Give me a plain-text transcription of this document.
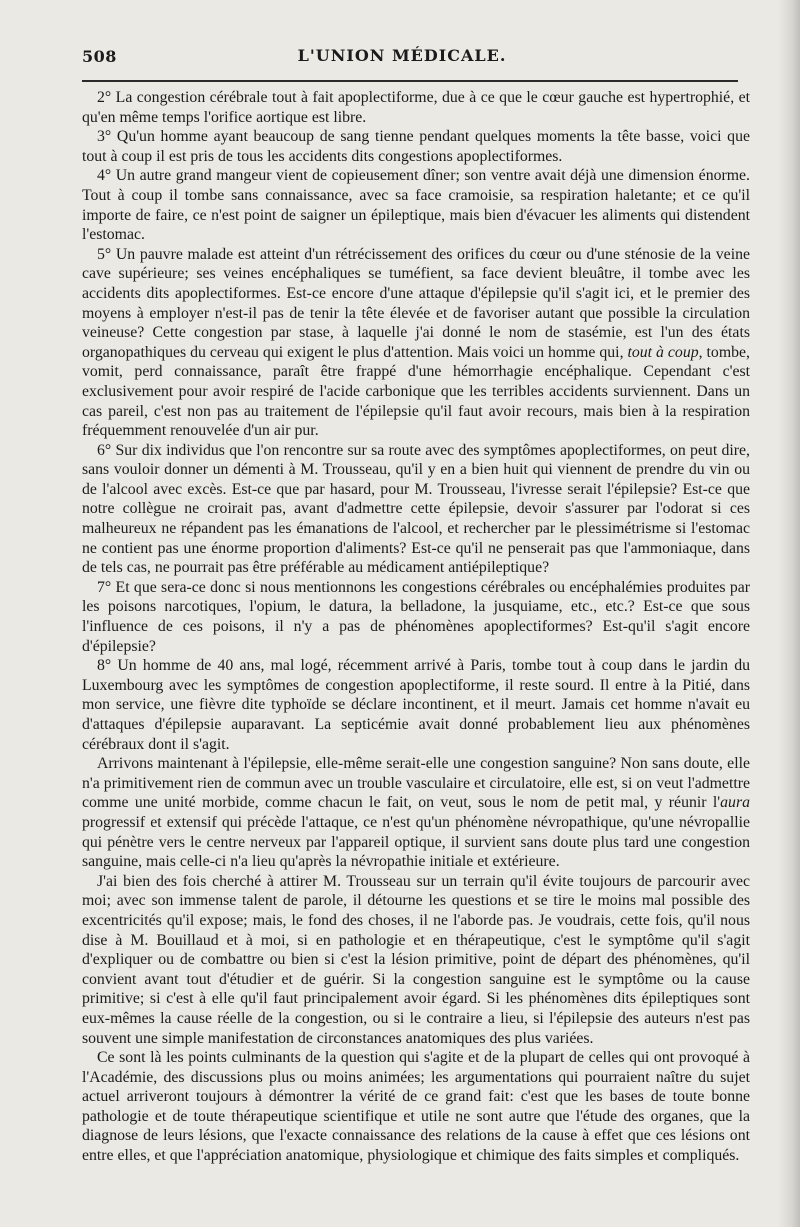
508	L'UNION MÉDICALE.

2° La congestion cérébrale tout à fait apoplectiforme, due à ce que le cœur gauche est hypertrophié, et qu'en même temps l'orifice aortique est libre.

3° Qu'un homme ayant beaucoup de sang tienne pendant quelques moments la tête basse, voici que tout à coup il est pris de tous les accidents dits congestions apoplectiformes.

4° Un autre grand mangeur vient de copieusement dîner; son ventre avait déjà une dimension énorme. Tout à coup il tombe sans connaissance, avec sa face cramoisie, sa respiration haletante; et ce qu'il importe de faire, ce n'est point de saigner un épileptique, mais bien d'évacuer les aliments qui distendent l'estomac.

5° Un pauvre malade est atteint d'un rétrécissement des orifices du cœur ou d'une sténosie de la veine cave supérieure; ses veines encéphaliques se tuméfient, sa face devient bleuâtre, il tombe avec les accidents dits apoplectiformes. Est-ce encore d'une attaque d'épilepsie qu'il s'agit ici, et le premier des moyens à employer n'est-il pas de tenir la tête élevée et de favoriser autant que possible la circulation veineuse? Cette congestion par stase, à laquelle j'ai donné le nom de stasémie, est l'un des états organopathiques du cerveau qui exigent le plus d'attention. Mais voici un homme qui, tout à coup, tombe, vomit, perd connaissance, paraît être frappé d'une hémorrhagie encéphalique. Cependant c'est exclusivement pour avoir respiré de l'acide carbonique que les terribles accidents surviennent. Dans un cas pareil, c'est non pas au traitement de l'épilepsie qu'il faut avoir recours, mais bien à la respiration fréquemment renouvelée d'un air pur.

6° Sur dix individus que l'on rencontre sur sa route avec des symptômes apoplectiformes, on peut dire, sans vouloir donner un démenti à M. Trousseau, qu'il y en a bien huit qui viennent de prendre du vin ou de l'alcool avec excès. Est-ce que par hasard, pour M. Trousseau, l'ivresse serait l'épilepsie? Est-ce que notre collègue ne croirait pas, avant d'admettre cette épilepsie, devoir s'assurer par l'odorat si ces malheureux ne répandent pas les émanations de l'alcool, et rechercher par le plessimétrisme si l'estomac ne contient pas une énorme proportion d'aliments? Est-ce qu'il ne penserait pas que l'ammoniaque, dans de tels cas, ne pourrait pas être préférable au médicament antiépileptique?

7° Et que sera-ce donc si nous mentionnons les congestions cérébrales ou encéphalémies produites par les poisons narcotiques, l'opium, le datura, la belladone, la jusquiame, etc., etc.? Est-ce que sous l'influence de ces poisons, il n'y a pas de phénomènes apoplectiformes? Est-qu'il s'agit encore d'épilepsie?

8° Un homme de 40 ans, mal logé, récemment arrivé à Paris, tombe tout à coup dans le jardin du Luxembourg avec les symptômes de congestion apoplectiforme, il reste sourd. Il entre à la Pitié, dans mon service, une fièvre dite typhoïde se déclare incontinent, et il meurt. Jamais cet homme n'avait eu d'attaques d'épilepsie auparavant. La septicémie avait donné probablement lieu aux phénomènes cérébraux dont il s'agit.

Arrivons maintenant à l'épilepsie, elle-même serait-elle une congestion sanguine? Non sans doute, elle n'a primitivement rien de commun avec un trouble vasculaire et circulatoire, elle est, si on veut l'admettre comme une unité morbide, comme chacun le fait, on veut, sous le nom de petit mal, y réunir l'aura progressif et extensif qui précède l'attaque, ce n'est qu'un phénomène névropathique, qu'une névropallie qui pénètre vers le centre nerveux par l'appareil optique, il survient sans doute plus tard une congestion sanguine, mais celle-ci n'a lieu qu'après la névropathie initiale et extérieure.

J'ai bien des fois cherché à attirer M. Trousseau sur un terrain qu'il évite toujours de parcourir avec moi; avec son immense talent de parole, il détourne les questions et se tire le moins mal possible des excentricités qu'il expose; mais, le fond des choses, il ne l'aborde pas. Je voudrais, cette fois, qu'il nous dise à M. Bouillaud et à moi, si en pathologie et en thérapeutique, c'est le symptôme qu'il s'agit d'expliquer ou de combattre ou bien si c'est la lésion primitive, point de départ des phénomènes, qu'il convient avant tout d'étudier et de guérir. Si la congestion sanguine est le symptôme ou la cause primitive; si c'est à elle qu'il faut principalement avoir égard. Si les phénomènes dits épileptiques sont eux-mêmes la cause réelle de la congestion, ou si le contraire a lieu, si l'épilepsie des auteurs n'est pas souvent une simple manifestation de circonstances anatomiques des plus variées.

Ce sont là les points culminants de la question qui s'agite et de la plupart de celles qui ont provoqué à l'Académie, des discussions plus ou moins animées; les argumentations qui pourraient naître du sujet actuel arriveront toujours à démontrer la vérité de ce grand fait: c'est que les bases de toute bonne pathologie et de toute thérapeutique scientifique et utile ne sont autre que l'étude des organes, que la diagnose de leurs lésions, que l'exacte connaissance des relations de la cause à effet que ces lésions ont entre elles, et que l'appréciation anatomique, physiologique et chimique des faits simples et compliqués.
